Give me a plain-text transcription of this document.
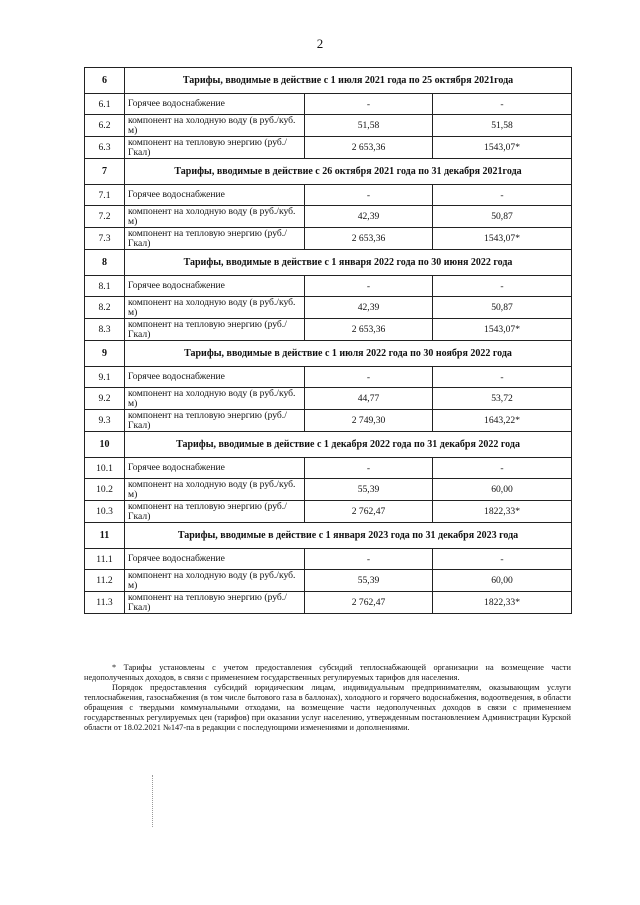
2
6	Тарифы, вводимые в действие с 1 июля 2021 года по 25 октября 2021года		
6.1	Горячее водоснабжение	-	-
6.2	компонент на холодную воду (в руб./куб. м)	51,58	51,58
6.3	компонент на тепловую энергию (руб./Гкал)	2 653,36	1543,07*
7	Тарифы, вводимые в действие с 26 октября 2021 года по 31 декабря 2021года		
7.1	Горячее водоснабжение	-	-
7.2	компонент на холодную воду (в руб./куб. м)	42,39	50,87
7.3	компонент на тепловую энергию (руб./Гкал)	2 653,36	1543,07*
8	Тарифы, вводимые в действие с 1 января 2022 года по 30 июня 2022 года		
8.1	Горячее водоснабжение	-	-
8.2	компонент на холодную воду (в руб./куб. м)	42,39	50,87
8.3	компонент на тепловую энергию (руб./Гкал)	2 653,36	1543,07*
9	Тарифы, вводимые в действие с 1 июля 2022 года по 30 ноября 2022 года		
9.1	Горячее водоснабжение	-	-
9.2	компонент на холодную воду (в руб./куб. м)	44,77	53,72
9.3	компонент на тепловую энергию (руб./Гкал)	2 749,30	1643,22*
10	Тарифы, вводимые в действие с 1 декабря 2022 года по 31 декабря 2022 года		
10.1	Горячее водоснабжение	-	-
10.2	компонент на холодную воду (в руб./куб. м)	55,39	60,00
10.3	компонент на тепловую энергию (руб./Гкал)	2 762,47	1822,33*
11	Тарифы, вводимые в действие с 1 января 2023 года по 31 декабря 2023 года		
11.1	Горячее водоснабжение	-	-
11.2	компонент на холодную воду (в руб./куб. м)	55,39	60,00
11.3	компонент на тепловую энергию (руб./Гкал)	2 762,47	1822,33*

* Тарифы установлены с учетом предоставления субсидий теплоснабжающей организации на возмещение части недополученных доходов, в связи с применением государственных регулируемых тарифов для населения.

Порядок предоставления субсидий юридическим лицам, индивидуальным предпринимателям, оказывающим услуги теплоснабжения, газоснабжения (в том числе бытового газа в баллонах), холодного и горячего водоснабжения, водоотведения, в области обращения с твердыми коммунальными отходами, на возмещение части недополученных доходов в связи с применением государственных регулируемых цен (тарифов) при оказании услуг населению, утвержденным постановлением Администрации Курской области от 18.02.2021 №147-па в редакции с последующими изменениями и дополнениями.
